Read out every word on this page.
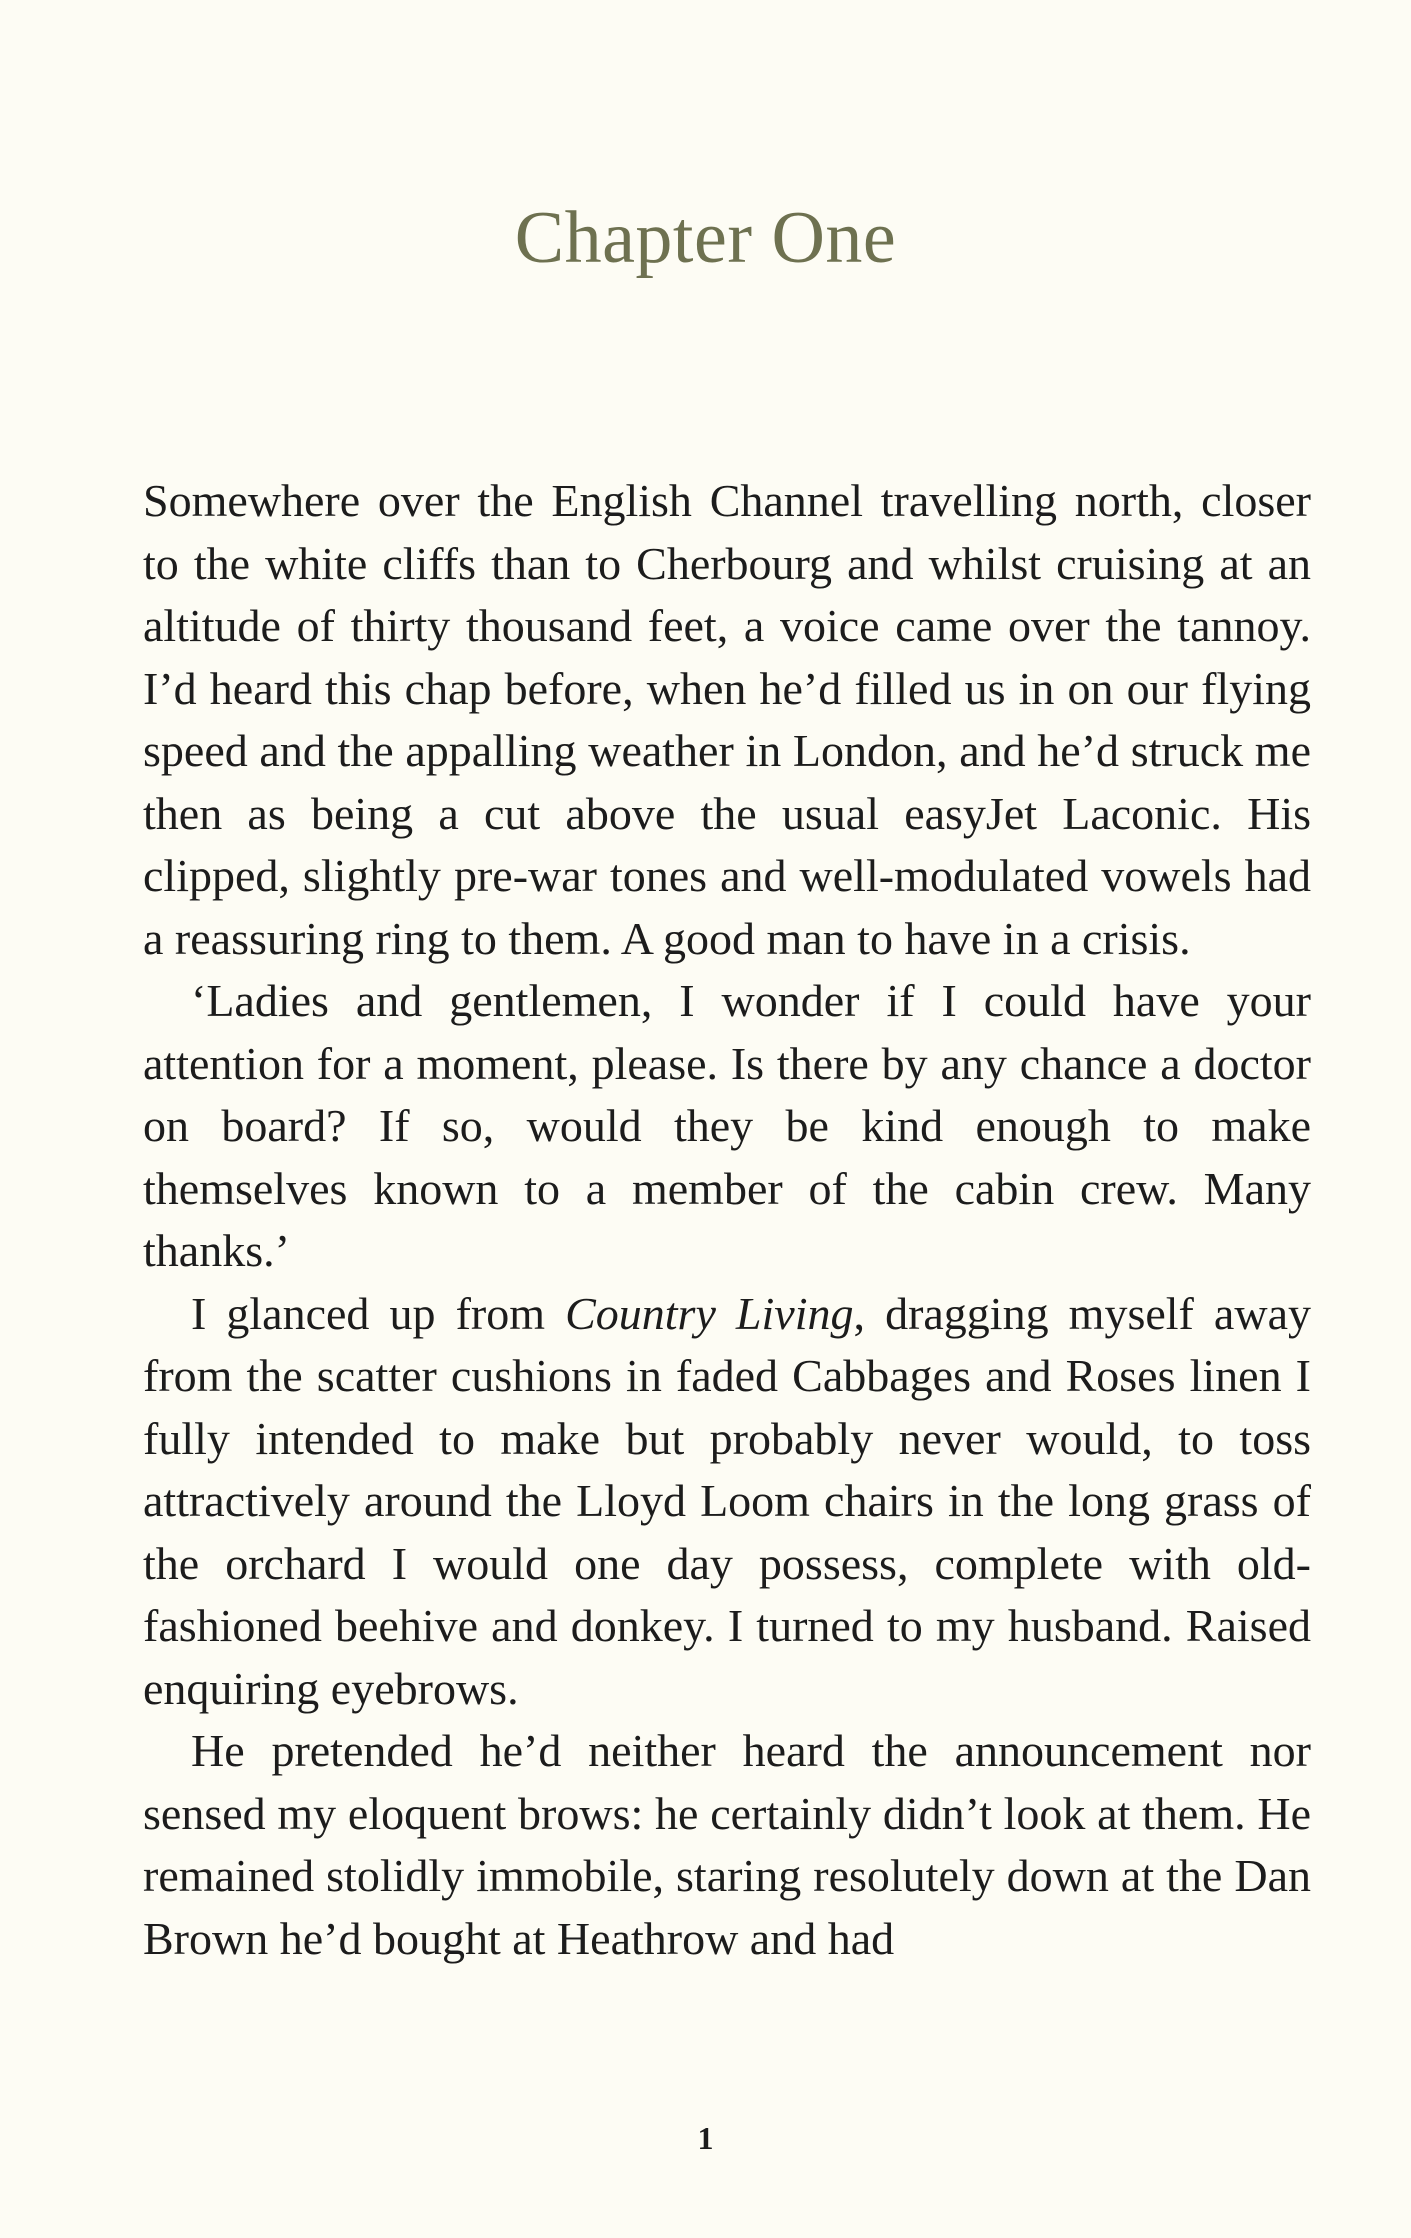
Chapter One

Somewhere over the English Channel travelling north, closer to the white cliffs than to Cherbourg and whilst cruising at an altitude of thirty thousand feet, a voice came over the tannoy. I’d heard this chap before, when he’d filled us in on our flying speed and the appalling weather in London, and he’d struck me then as being a cut above the usual easyJet Laconic. His clipped, slightly pre-war tones and well-modulated vowels had a reassuring ring to them. A good man to have in a crisis.

‘Ladies and gentlemen, I wonder if I could have your attention for a moment, please. Is there by any chance a doctor on board? If so, would they be kind enough to make themselves known to a member of the cabin crew. Many thanks.’

I glanced up from Country Living, dragging myself away from the scatter cushions in faded Cabbages and Roses linen I fully intended to make but probably never would, to toss attractively around the Lloyd Loom chairs in the long grass of the orchard I would one day possess, complete with old-fashioned beehive and donkey. I turned to my husband. Raised enquiring eyebrows.

He pretended he’d neither heard the announcement nor sensed my eloquent brows: he certainly didn’t look at them. He remained stolidly immobile, staring resolutely down at the Dan Brown he’d bought at Heathrow and had

1
